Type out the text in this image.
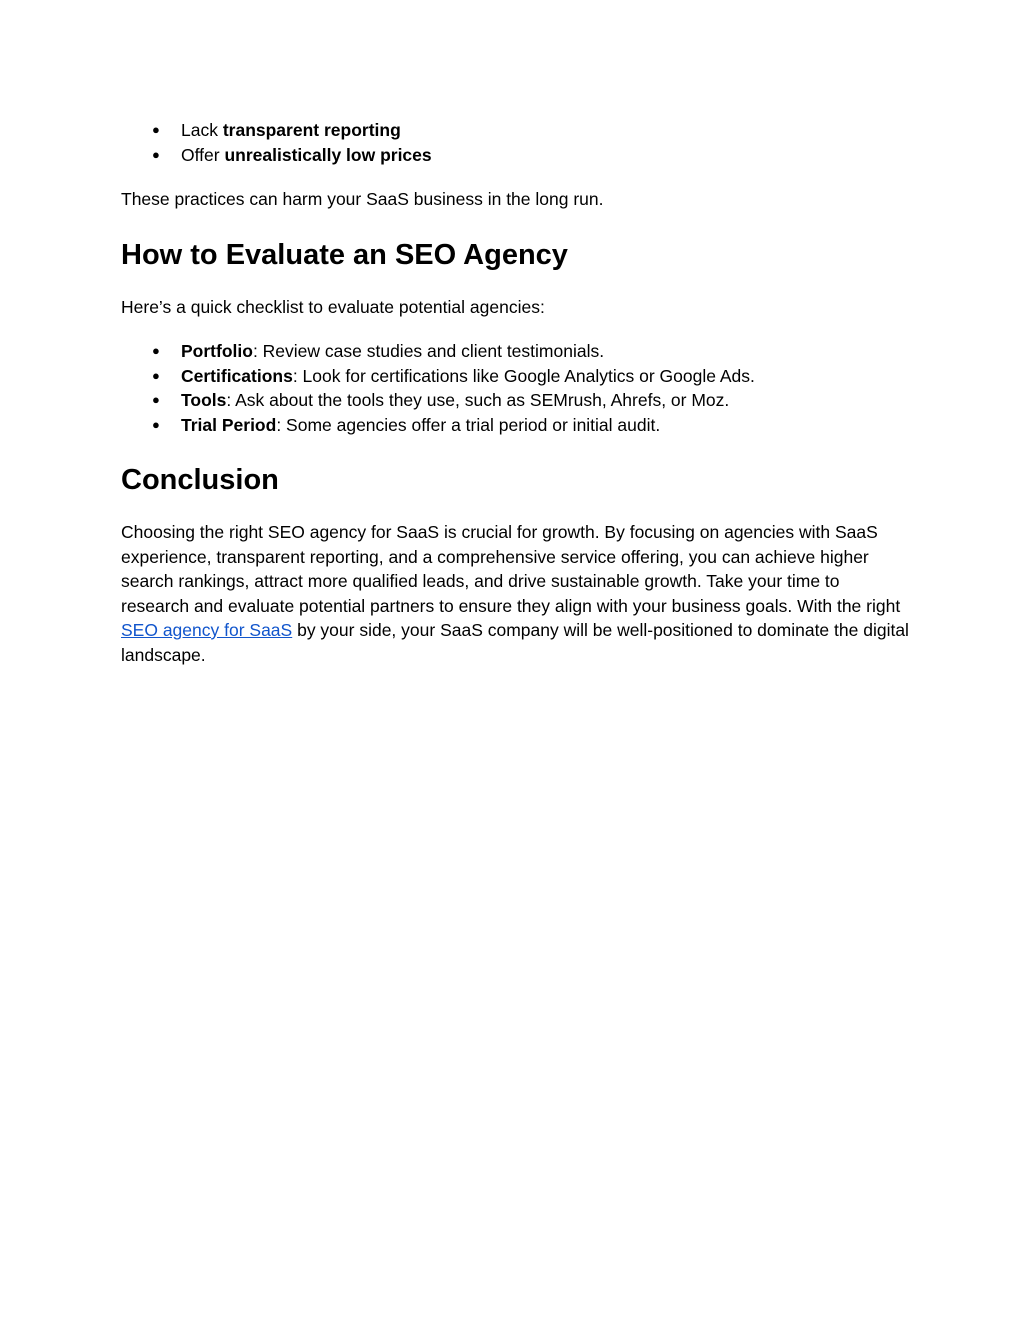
● Lack transparent reporting
● Offer unrealistically low prices

These practices can harm your SaaS business in the long run.

How to Evaluate an SEO Agency

Here’s a quick checklist to evaluate potential agencies:

● Portfolio: Review case studies and client testimonials.
● Certifications: Look for certifications like Google Analytics or Google Ads.
● Tools: Ask about the tools they use, such as SEMrush, Ahrefs, or Moz.
● Trial Period: Some agencies offer a trial period or initial audit.
Conclusion

Choosing the right SEO agency for SaaS is crucial for growth. By focusing on agencies with SaaS experience, transparent reporting, and a comprehensive service offering, you can achieve higher search rankings, attract more qualified leads, and drive sustainable growth. Take your time to research and evaluate potential partners to ensure they align with your business goals. With the right SEO agency for SaaS by your side, your SaaS company will be well-positioned to dominate the digital landscape.
